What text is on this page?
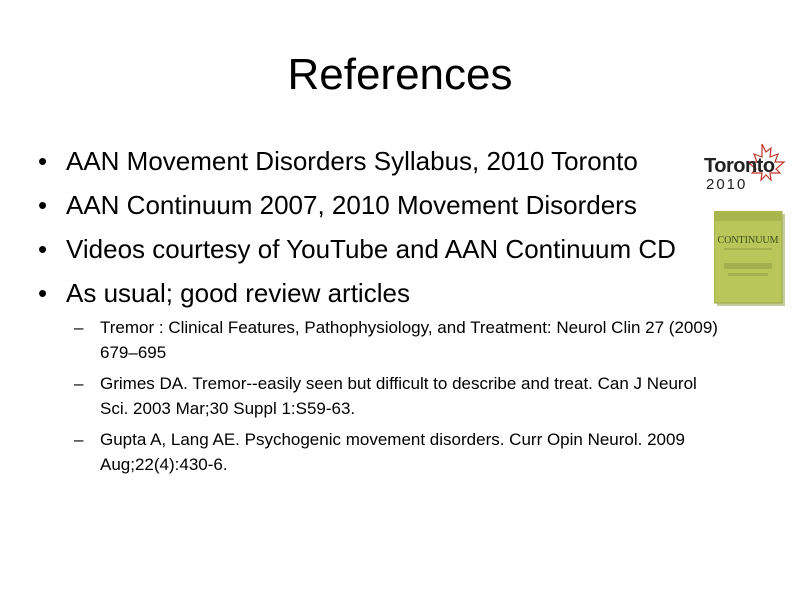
References
• AAN Movement Disorders Syllabus, 2010 Toronto
• AAN Continuum 2007, 2010 Movement Disorders
• Videos courtesy of YouTube and AAN Continuum CD
• As usual; good review articles
– Tremor : Clinical Features, Pathophysiology, and Treatment: Neurol Clin 27 (2009) 679–695
– Grimes DA. Tremor--easily seen but difficult to describe and treat. Can J Neurol Sci. 2003 Mar;30 Suppl 1:S59-63.
– Gupta A, Lang AE. Psychogenic movement disorders. Curr Opin Neurol. 2009 Aug;22(4):430-6.
Toronto
2010
CONTINUUM
